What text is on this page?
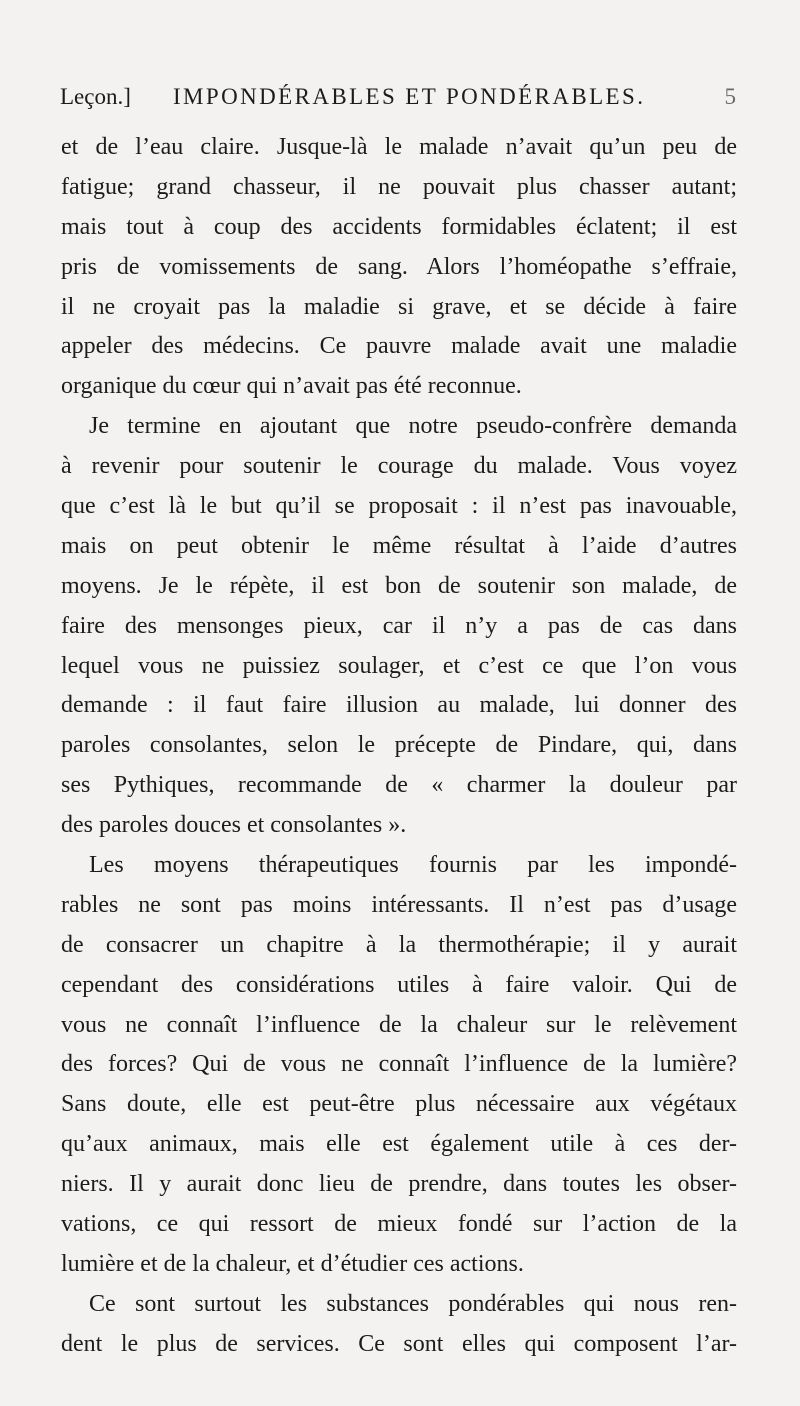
Leçon.] IMPONDÉRABLES ET PONDÉRABLES.	5
et de l’eau claire. Jusque-là le malade n’avait qu’un peu de
fatigue; grand chasseur, il ne pouvait plus chasser autant;
mais tout à coup des accidents formidables éclatent; il est
pris de vomissements de sang. Alors l’homéopathe s’effraie,
il ne croyait pas la maladie si grave, et se décide à faire
appeler des médecins. Ce pauvre malade avait une maladie
organique du cœur qui n’avait pas été reconnue.
Je termine en ajoutant que notre pseudo-confrère demanda
à revenir pour soutenir le courage du malade. Vous voyez
que c’est là le but qu’il se proposait : il n’est pas inavouable,
mais on peut obtenir le même résultat à l’aide d’autres
moyens. Je le répète, il est bon de soutenir son malade, de
faire des mensonges pieux, car il n’y a pas de cas dans
lequel vous ne puissiez soulager, et c’est ce que l’on vous
demande : il faut faire illusion au malade, lui donner des
paroles consolantes, selon le précepte de Pindare, qui, dans
ses Pythiques, recommande de « charmer la douleur par
des paroles douces et consolantes ».
Les moyens thérapeutiques fournis par les impondé-
rables ne sont pas moins intéressants. Il n’est pas d’usage
de consacrer un chapitre à la thermothérapie; il y aurait
cependant des considérations utiles à faire valoir. Qui de
vous ne connaît l’influence de la chaleur sur le relèvement
des forces? Qui de vous ne connaît l’influence de la lumière?
Sans doute, elle est peut-être plus nécessaire aux végétaux
qu’aux animaux, mais elle est également utile à ces der-
niers. Il y aurait donc lieu de prendre, dans toutes les obser-
vations, ce qui ressort de mieux fondé sur l’action de la
lumière et de la chaleur, et d’étudier ces actions.
Ce sont surtout les substances pondérables qui nous ren-
dent le plus de services. Ce sont elles qui composent l’ar-
